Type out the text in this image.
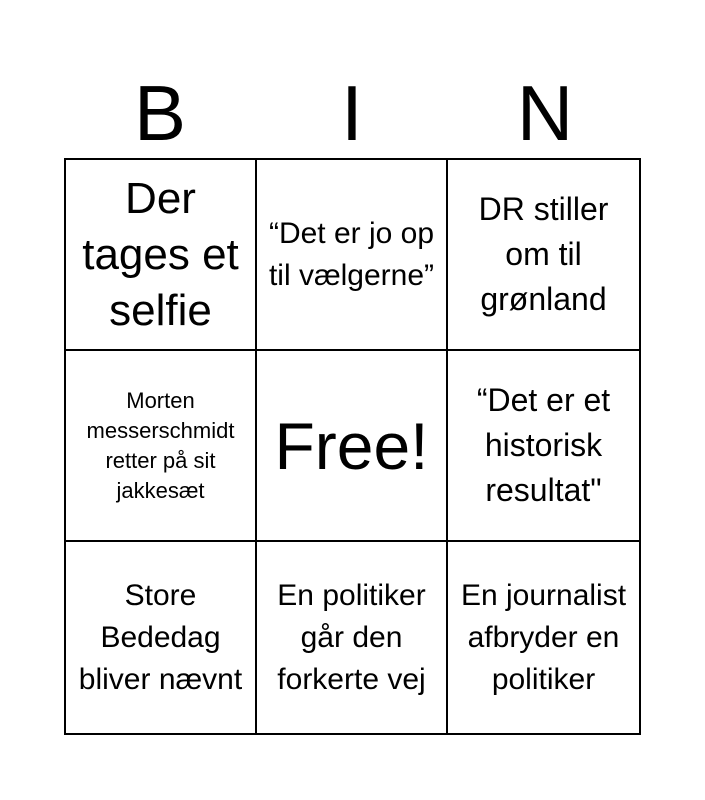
B	I	N
Der tages et selfie
“Det er jo op til vælgerne”
DR stiller om til grønland
Morten messerschmidt retter på sit jakkesæt
Free!
“Det er et historisk resultat"
Store Bededag bliver nævnt
En politiker går den forkerte vej
En journalist afbryder en politiker
